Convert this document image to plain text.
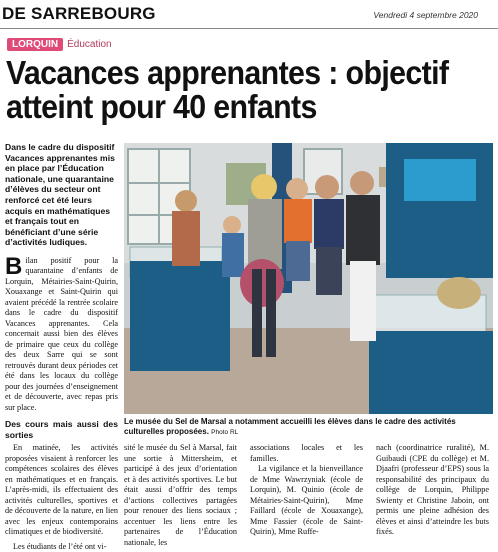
DE SARREBOURG	Vendredi 4 septembre 2020
LORQUIN Éducation
Vacances apprenantes : objectif
atteint pour 40 enfants

Dans le cadre du dispositif Vacances apprenantes mis en place par l’Éducation nationale, une quarantaine d’élèves du secteur ont renforcé cet été leurs acquis en mathématiques et français tout en bénéficiant d’une série d’activités ludiques.

Bilan positif pour la quarantaine d’enfants de Lorquin, Métairies-Saint-Quirin, Xouaxange et Saint-Quirin qui avaient précédé la rentrée scolaire dans le cadre du dispositif Vacances apprenantes. Cela concernait aussi bien des élèves de primaire que ceux du collège des deux Sarre qui se sont retrouvés durant deux périodes cet été dans les locaux du collège pour des journées d’enseignement et de découverte, avec repas pris sur place.

Des cours mais aussi des sorties

En matinée, les activités proposées visaient à renforcer les compétences scolaires des élèves en mathématiques et en français. L’après-midi, ils effectuaient des activités culturelles, sportives et de découverte de la nature, en lien avec les enjeux contemporains climatiques et de biodiversité.

Les étudiants de l’été ont vi-

Le musée du Sel de Marsal a notamment accueilli les élèves dans le cadre des activités culturelles proposées. Photo RL

sité le musée du Sel à Marsal, fait une sortie à Mittersheim, et participé à des jeux d’orientation et à des activités sportives. Le but était aussi d’offrir des temps d’actions collectives partagées pour renouer des liens sociaux ; accentuer les liens entre les partenaires de l’Éducation nationale, les

associations locales et les familles.

La vigilance et la bienveillance de Mme Wawrzyniak (école de Lorquin), M. Quinio (école de Métairies-Saint-Quirin), Mme Faillard (école de Xouaxange), Mme Fassier (école de Saint-Quirin), Mme Ruffe-

nach (coordinatrice ruralité), M. Guibaudi (CPE du collège) et M. Djaafri (professeur d’EPS) sous la responsabilité des principaux du collège de Lorquin, Philippe Swienty et Christine Jaboin, ont permis une pleine adhésion des élèves et ainsi d’atteindre les buts fixés.
